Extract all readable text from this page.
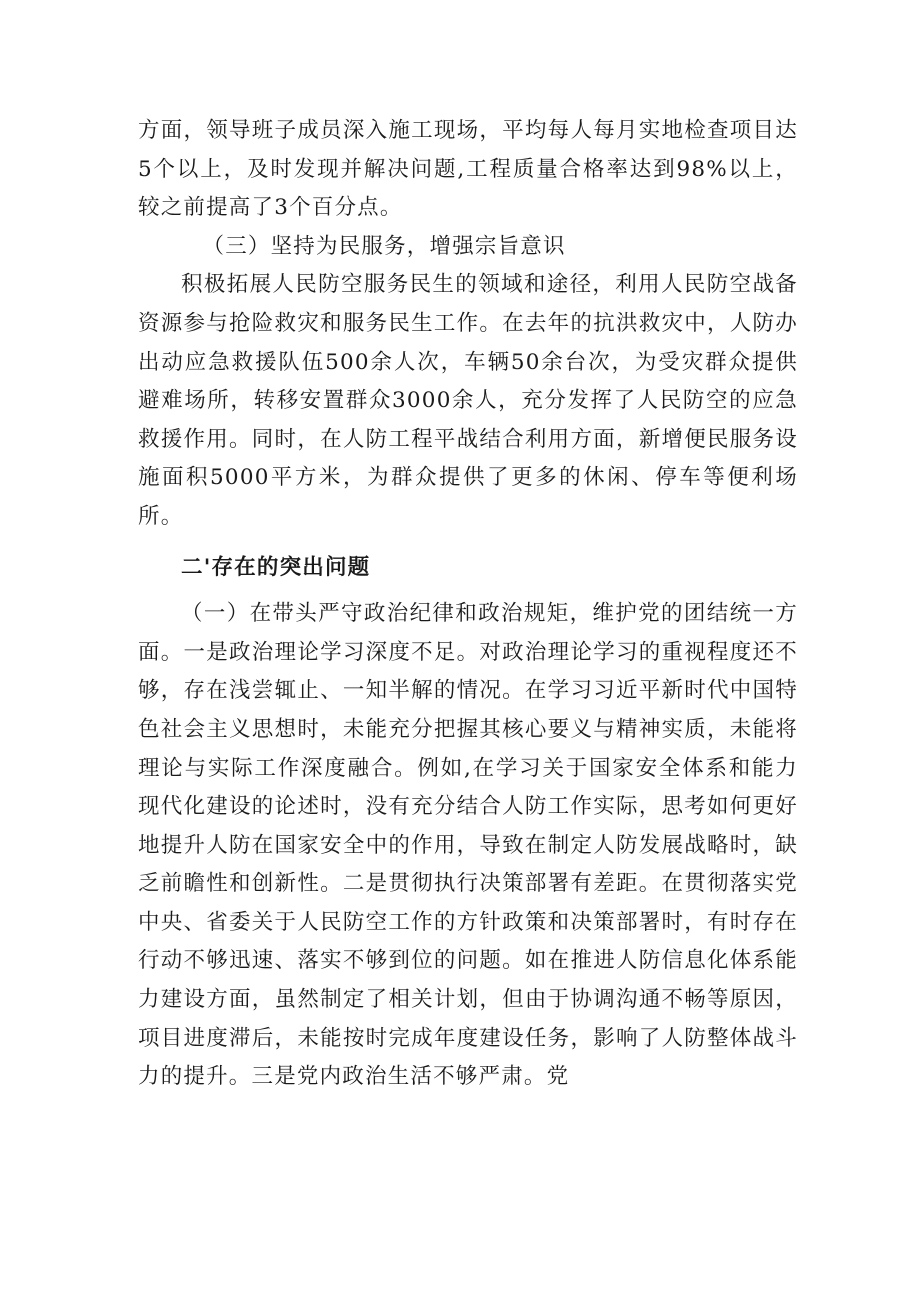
方面，领导班子成员深入施工现场，平均每人每月实地检查项目达5个以上，及时发现并解决问题,工程质量合格率达到98%以上，较之前提高了3个百分点。

（三）坚持为民服务，增强宗旨意识

积极拓展人民防空服务民生的领域和途径，利用人民防空战备资源参与抢险救灾和服务民生工作。在去年的抗洪救灾中，人防办出动应急救援队伍500余人次，车辆50余台次，为受灾群众提供避难场所，转移安置群众3000余人，充分发挥了人民防空的应急救援作用。同时，在人防工程平战结合利用方面，新增便民服务设施面积5000平方米，为群众提供了更多的休闲、停车等便利场所。

二'存在的突出问题

（一）在带头严守政治纪律和政治规矩，维护党的团结统一方面。一是政治理论学习深度不足。对政治理论学习的重视程度还不够，存在浅尝辄止、一知半解的情况。在学习习近平新时代中国特色社会主义思想时，未能充分把握其核心要义与精神实质，未能将理论与实际工作深度融合。例如,在学习关于国家安全体系和能力现代化建设的论述时，没有充分结合人防工作实际，思考如何更好地提升人防在国家安全中的作用，导致在制定人防发展战略时，缺乏前瞻性和创新性。二是贯彻执行决策部署有差距。在贯彻落实党中央、省委关于人民防空工作的方针政策和决策部署时，有时存在行动不够迅速、落实不够到位的问题。如在推进人防信息化体系能力建设方面，虽然制定了相关计划，但由于协调沟通不畅等原因，项目进度滞后，未能按时完成年度建设任务，影响了人防整体战斗力的提升。三是党内政治生活不够严肃。党
